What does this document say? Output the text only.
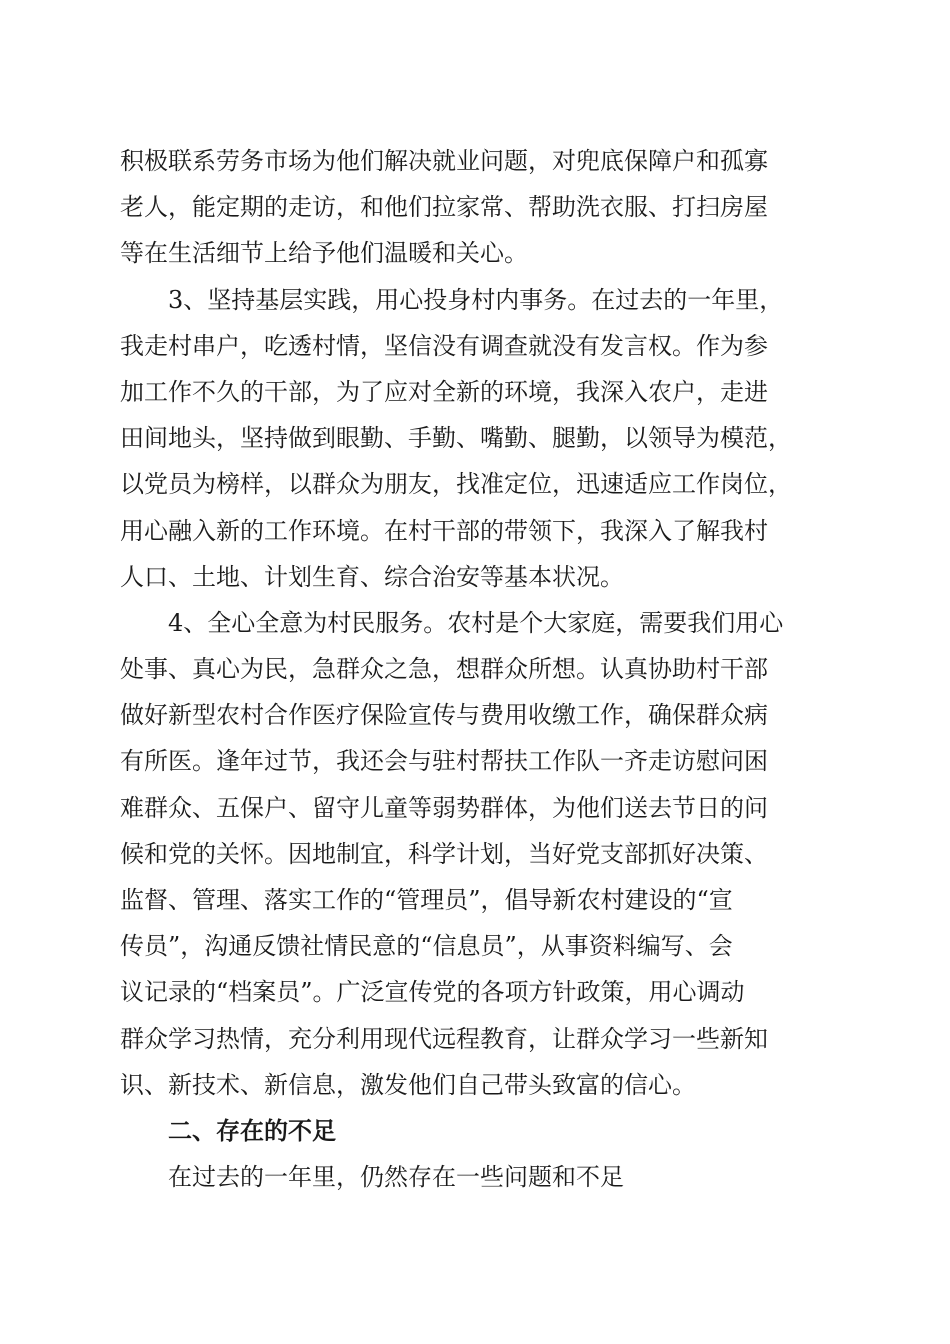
积极联系劳务市场为他们解决就业问题，对兜底保障户和孤寡
老人，能定期的走访，和他们拉家常、帮助洗衣服、打扫房屋
等在生活细节上给予他们温暖和关心。
3、坚持基层实践，用心投身村内事务。在过去的一年里，
我走村串户，吃透村情，坚信没有调查就没有发言权。作为参
加工作不久的干部，为了应对全新的环境，我深入农户，走进
田间地头，坚持做到眼勤、手勤、嘴勤、腿勤，以领导为模范，
以党员为榜样，以群众为朋友，找准定位，迅速适应工作岗位，
用心融入新的工作环境。在村干部的带领下，我深入了解我村
人口、土地、计划生育、综合治安等基本状况。
4、全心全意为村民服务。农村是个大家庭，需要我们用心
处事、真心为民，急群众之急，想群众所想。认真协助村干部
做好新型农村合作医疗保险宣传与费用收缴工作，确保群众病
有所医。逢年过节，我还会与驻村帮扶工作队一齐走访慰问困
难群众、五保户、留守儿童等弱势群体，为他们送去节日的问
候和党的关怀。因地制宜，科学计划，当好党支部抓好决策、
监督、管理、落实工作的“管理员”，倡导新农村建设的“宣
传员”，沟通反馈社情民意的“信息员”，从事资料编写、会
议记录的“档案员”。广泛宣传党的各项方针政策，用心调动
群众学习热情，充分利用现代远程教育，让群众学习一些新知
识、新技术、新信息，激发他们自己带头致富的信心。
二、存在的不足
在过去的一年里，仍然存在一些问题和不足
